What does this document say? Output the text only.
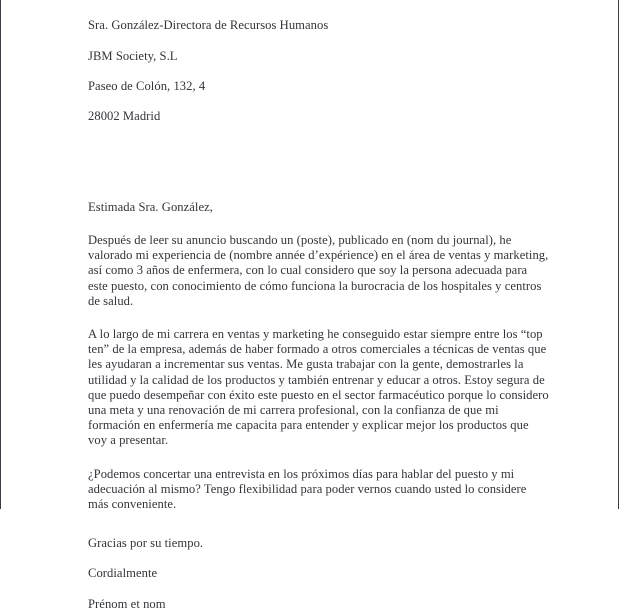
Sra. González-Directora de Recursos Humanos

JBM Society, S.L

Paseo de Colón, 132, 4

28002 Madrid

Estimada Sra. González,
Después de leer su anuncio buscando un (poste), publicado en (nom du journal), he valorado mi experiencia de (nombre année d’expérience) en el área de ventas y marketing, así como 3 años de enfermera, con lo cual considero que soy la persona adecuada para este puesto, con conocimiento de cómo funciona la burocracia de los hospitales y centros de salud.
A lo largo de mi carrera en ventas y marketing he conseguido estar siempre entre los “top ten” de la empresa, además de haber formado a otros comerciales a técnicas de ventas que les ayudaran a incrementar sus ventas. Me gusta trabajar con la gente, demostrarles la utilidad y la calidad de los productos y también entrenar y educar a otros. Estoy segura de que puedo desempeñar con éxito este puesto en el sector farmacéutico porque lo considero una meta y una renovación de mi carrera profesional, con la confianza de que mi formación en enfermería me capacita para entender y explicar mejor los productos que voy a presentar.
¿Podemos concertar una entrevista en los próximos días para hablar del puesto y mi adecuación al mismo? Tengo flexibilidad para poder vernos cuando usted lo considere más conveniente.
Gracias por su tiempo.
Cordialmente
Prénom et nom
